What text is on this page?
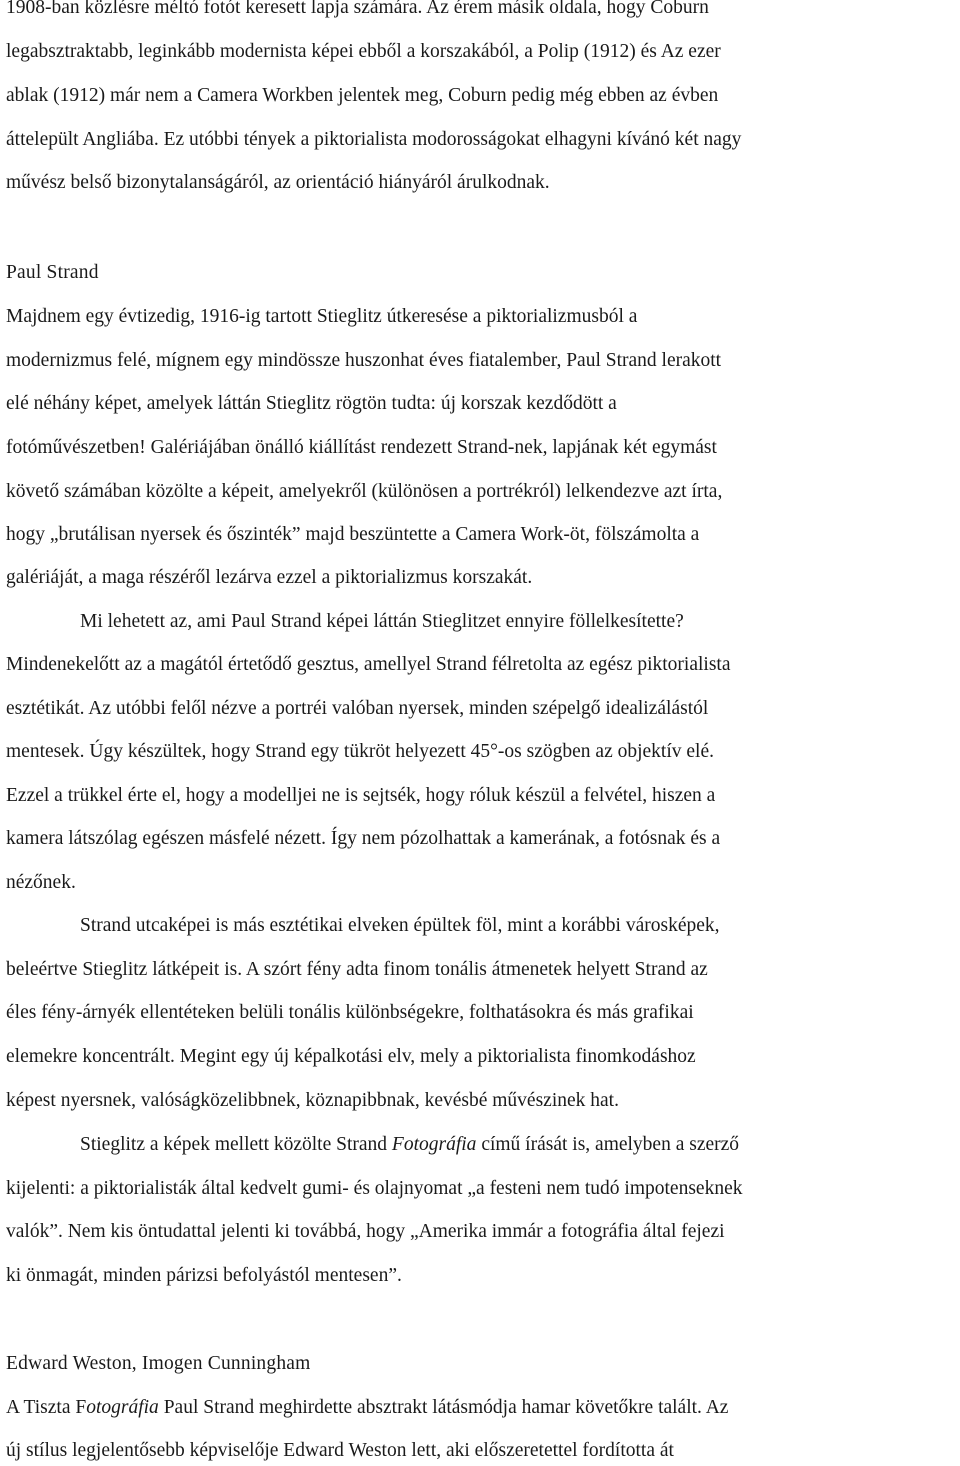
1908-ban közlésre méltó fotót keresett lapja számára. Az érem másik oldala, hogy Coburn
legabsztraktabb, leginkább modernista képei ebből a korszakából, a Polip (1912) és Az ezer
ablak (1912) már nem a Camera Workben jelentek meg, Coburn pedig még ebben az évben
áttelepült Angliába. Ez utóbbi tények a piktorialista modorosságokat elhagyni kívánó két nagy
művész belső bizonytalanságáról, az orientáció hiányáról árulkodnak.
Paul Strand
Majdnem egy évtizedig, 1916-ig tartott Stieglitz útkeresése a piktorializmusból a
modernizmus felé, mígnem egy mindössze huszonhat éves fiatalember, Paul Strand lerakott
elé néhány képet, amelyek láttán Stieglitz rögtön tudta: új korszak kezdődött a
fotóművészetben! Galériájában önálló kiállítást rendezett Strand-nek, lapjának két egymást
követő számában közölte a képeit, amelyekről (különösen a portrékról) lelkendezve azt írta,
hogy „brutálisan nyersek és őszinték” majd beszüntette a Camera Work-öt, fölszámolta a
galériáját, a maga részéről lezárva ezzel a piktorializmus korszakát.
Mi lehetett az, ami Paul Strand képei láttán Stieglitzet ennyire föllelkesítette?
Mindenekelőtt az a magától értetődő gesztus, amellyel Strand félretolta az egész piktorialista
esztétikát. Az utóbbi felől nézve a portréi valóban nyersek, minden szépelgő idealizálástól
mentesek. Úgy készültek, hogy Strand egy tükröt helyezett 45°-os szögben az objektív elé.
Ezzel a trükkel érte el, hogy a modelljei ne is sejtsék, hogy róluk készül a felvétel, hiszen a
kamera látszólag egészen másfelé nézett. Így nem pózolhattak a kamerának, a fotósnak és a
nézőnek.
Strand utcaképei is más esztétikai elveken épültek föl, mint a korábbi városképek,
beleértve Stieglitz látképeit is. A szórt fény adta finom tonális átmenetek helyett Strand az
éles fény-árnyék ellentéteken belüli tonális különbségekre, folthatásokra és más grafikai
elemekre koncentrált. Megint egy új képalkotási elv, mely a piktorialista finomkodáshoz
képest nyersnek, valóságközelibbnek, köznapibbnak, kevésbé művészinek hat.
Stieglitz a képek mellett közölte Strand Fotográfia című írását is, amelyben a szerző
kijelenti: a piktorialisták által kedvelt gumi- és olajnyomat „a festeni nem tudó impotenseknek
valók”. Nem kis öntudattal jelenti ki továbbá, hogy „Amerika immár a fotográfia által fejezi
ki önmagát, minden párizsi befolyástól mentesen”.
Edward Weston, Imogen Cunningham
A Tiszta Fotográfia Paul Strand meghirdette absztrakt látásmódja hamar követőkre talált. Az
új stílus legjelentősebb képviselője Edward Weston lett, aki előszeretettel fordította át
